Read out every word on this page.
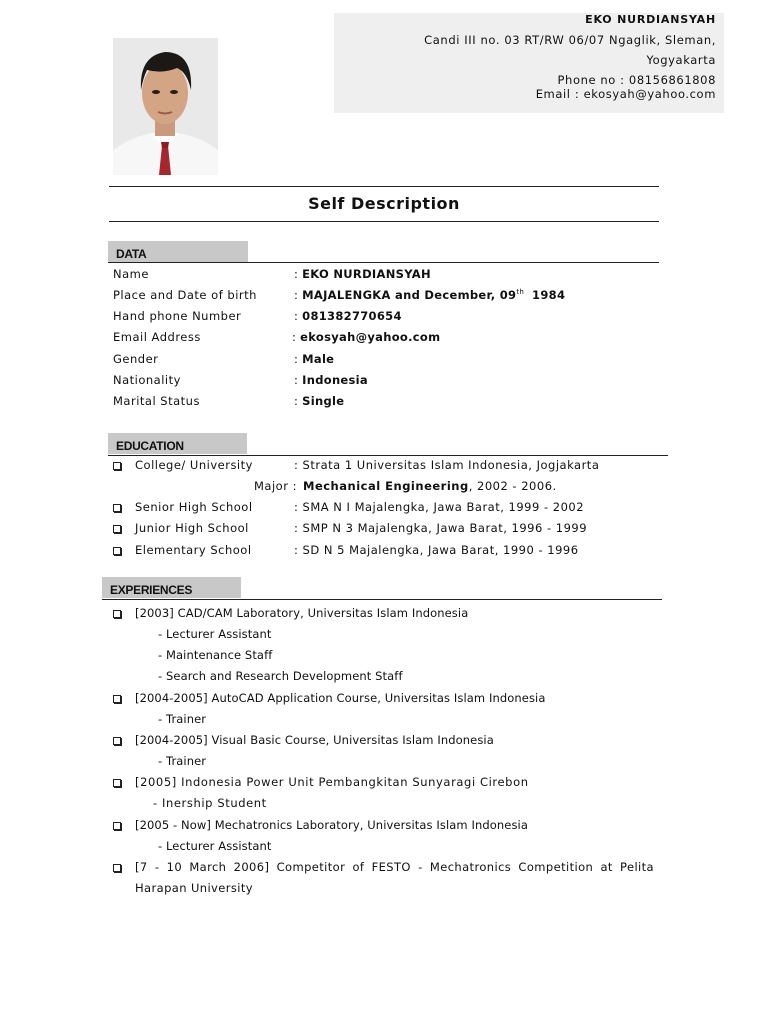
EKO NURDIANSYAH
Candi III no. 03 RT/RW 06/07 Ngaglik, Sleman,
Yogyakarta
Phone no : 08156861808
Email : ekosyah@yahoo.com
Self Description
DATA
Name	: EKO NURDIANSYAH
Place and Date of birth	: MAJALENGKA and December, 09th 1984
Hand phone Number	: 081382770654
Email Address	: ekosyah@yahoo.com
Gender	: Male
Nationality	: Indonesia
Marital Status	: Single
EDUCATION
College/ University	: Strata 1 Universitas Islam Indonesia, Jogjakarta
Major : Mechanical Engineering, 2002 - 2006.
Senior High School	: SMA N I Majalengka, Jawa Barat, 1999 - 2002
Junior High School	: SMP N 3 Majalengka, Jawa Barat, 1996 - 1999
Elementary School	: SD N 5 Majalengka, Jawa Barat, 1990 - 1996
EXPERIENCES
[2003] CAD/CAM Laboratory, Universitas Islam Indonesia
- Lecturer Assistant
- Maintenance Staff
- Search and Research Development Staff
[2004-2005] AutoCAD Application Course, Universitas Islam Indonesia
- Trainer
[2004-2005] Visual Basic Course, Universitas Islam Indonesia
- Trainer
[2005] Indonesia Power Unit Pembangkitan Sunyaragi Cirebon
- Inership Student
[2005 - Now] Mechatronics Laboratory, Universitas Islam Indonesia
- Lecturer Assistant
[7 - 10 March 2006] Competitor of FESTO - Mechatronics Competition at Pelita
Harapan University
